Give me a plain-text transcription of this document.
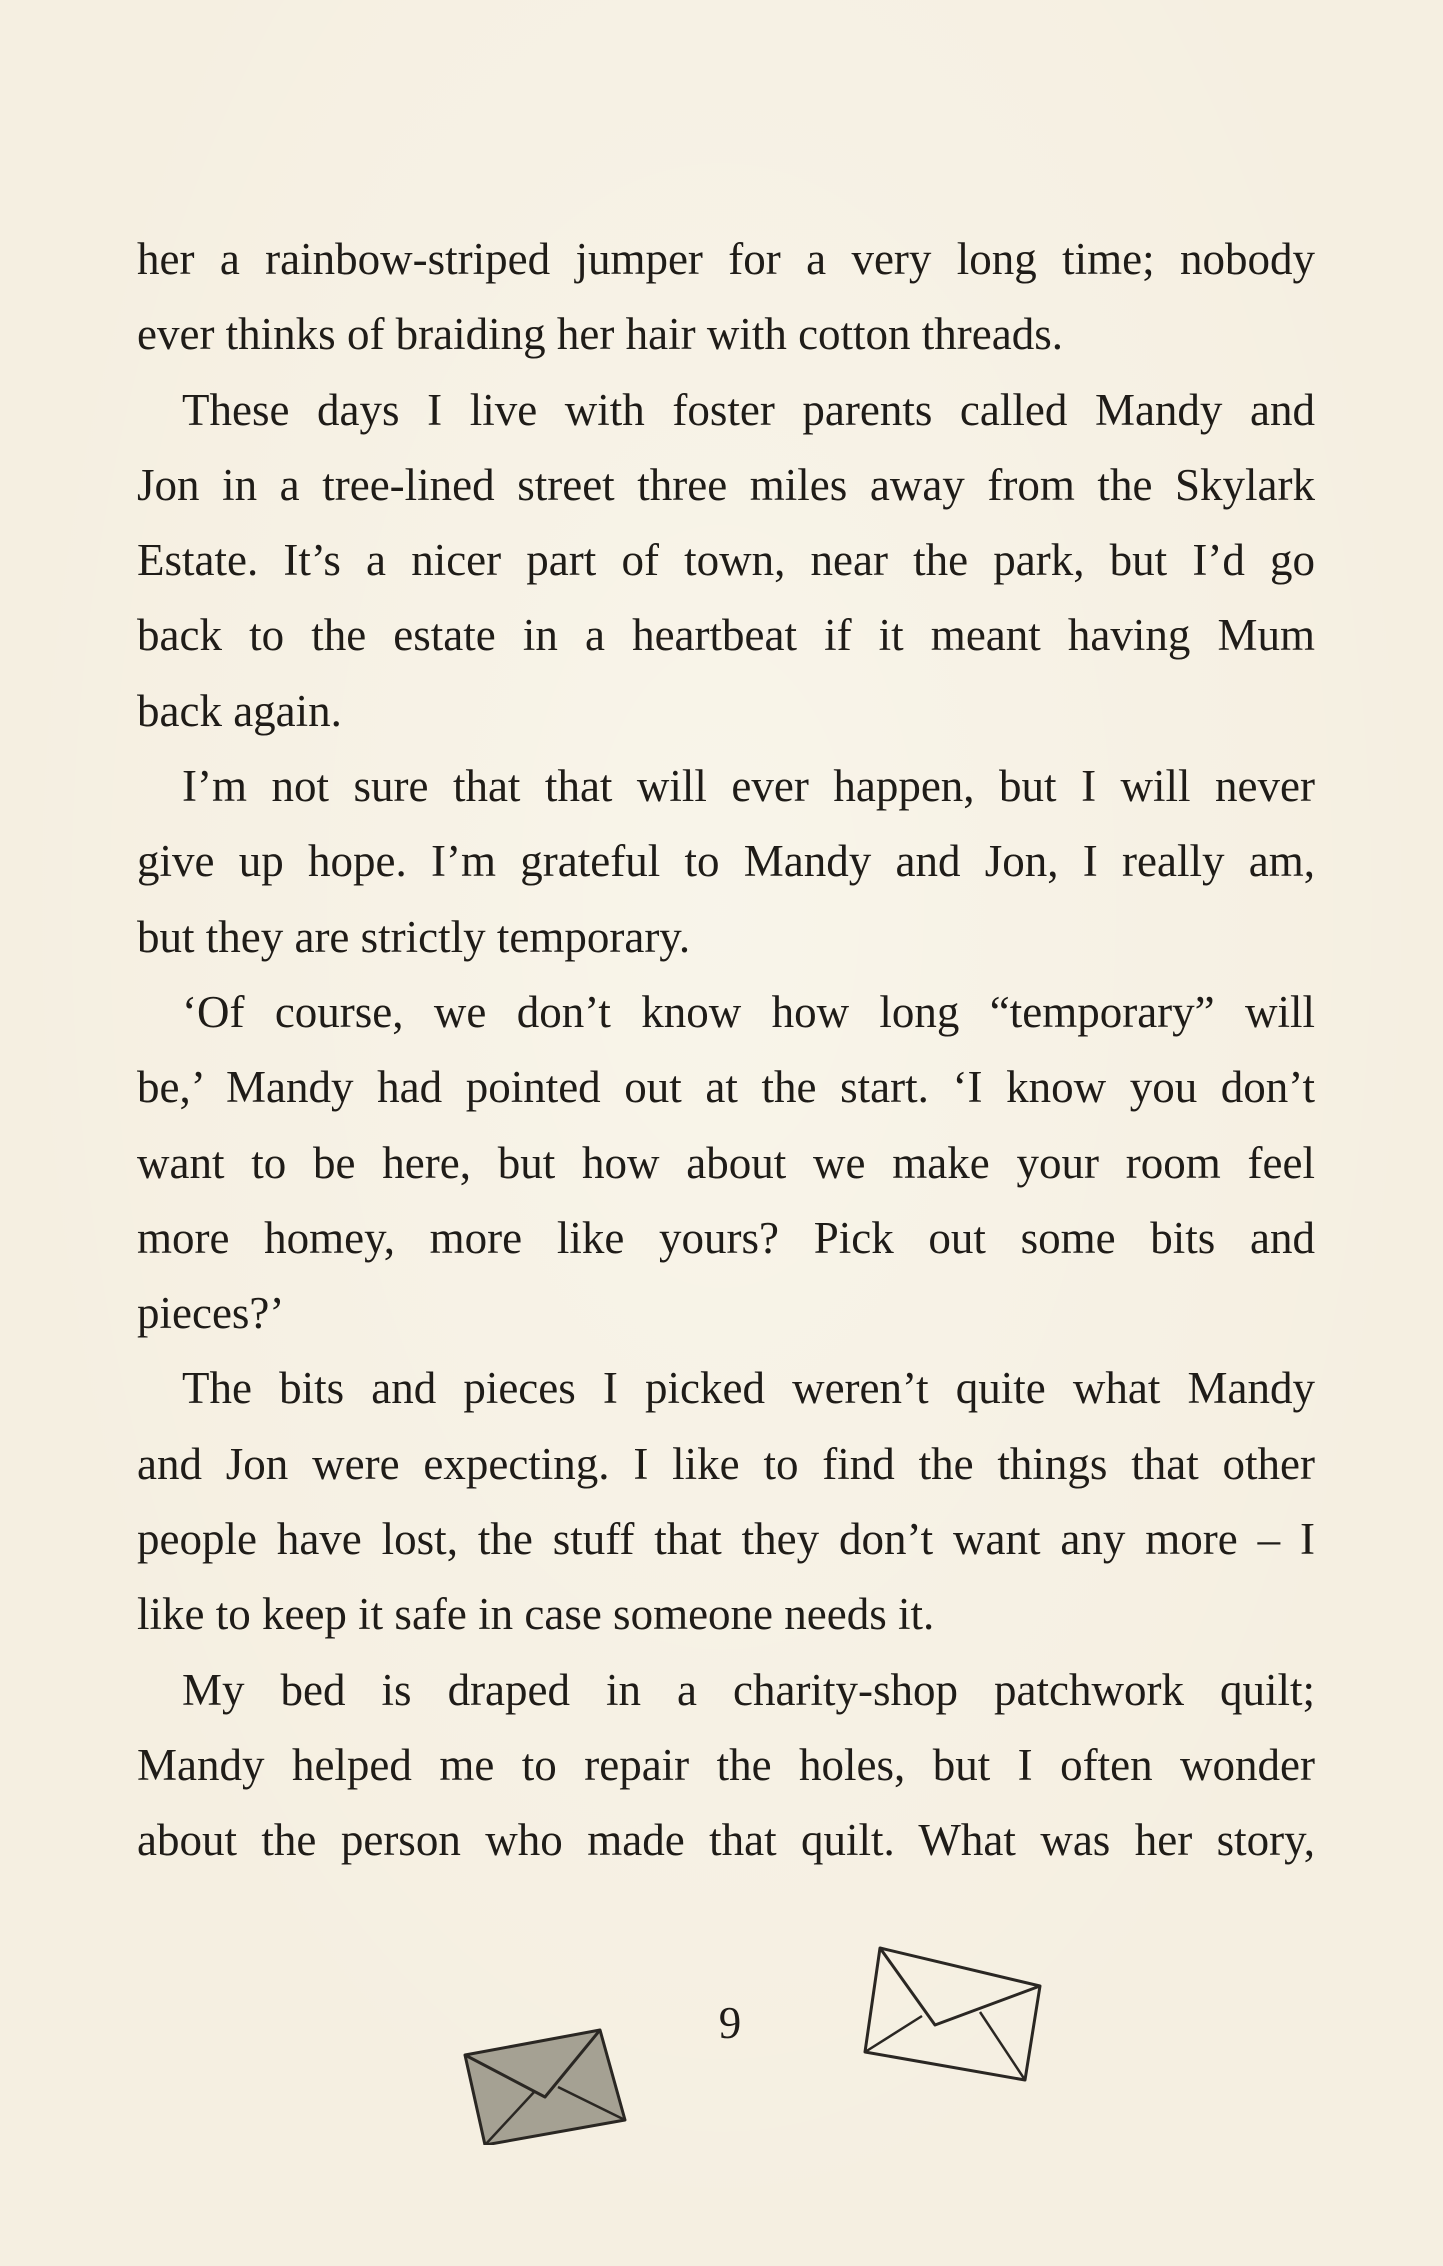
her a rainbow-striped jumper for a very long time; nobody
ever thinks of braiding her hair with cotton threads.
These days I live with foster parents called Mandy and
Jon in a tree-lined street three miles away from the Skylark
Estate. It’s a nicer part of town, near the park, but I’d go
back to the estate in a heartbeat if it meant having Mum
back again.
I’m not sure that that will ever happen, but I will never
give up hope. I’m grateful to Mandy and Jon, I really am,
but they are strictly temporary.
‘Of course, we don’t know how long “temporary” will
be,’ Mandy had pointed out at the start. ‘I know you don’t
want to be here, but how about we make your room feel
more homey, more like yours? Pick out some bits and
pieces?’
The bits and pieces I picked weren’t quite what Mandy
and Jon were expecting. I like to find the things that other
people have lost, the stuff that they don’t want any more – I
like to keep it safe in case someone needs it.
My bed is draped in a charity-shop patchwork quilt;
Mandy helped me to repair the holes, but I often wonder
about the person who made that quilt. What was her story,
9
